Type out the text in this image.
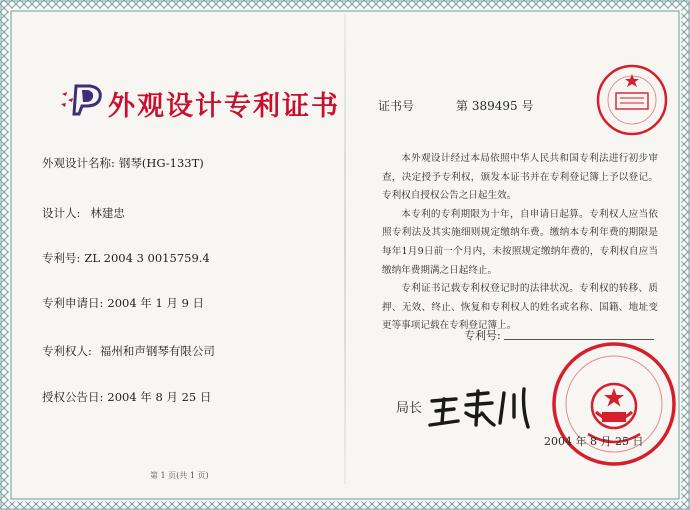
外观设计专利证书
外观设计名称: 钢琴(HG-133T)
设计人: 林建忠
专利号: ZL 2004 3 0015759.4
专利申请日: 2004 年 1 月 9 日
专利权人: 福州和声钢琴有限公司
授权公告日: 2004 年 8 月 25 日
证书号	第 389495 号

本外观设计经过本局依照中华人民共和国专利法进行初步审查，决定授予专利权，颁发本证书并在专利登记簿上予以登记。专利权自授权公告之日起生效。

本专利的专利期限为十年，自申请日起算。专利权人应当依照专利法及其实施细则规定缴纳年费。缴纳本专利年费的期限是每年1月9日前一个月内，未按照规定缴纳年费的，专利权自应当缴纳年费期满之日起终止。

专利证书记载专利权登记时的法律状况。专利权的转移、质押、无效、终止、恢复和专利权人的姓名或名称、国籍、地址变更等事项记载在专利登记簿上。

专利号:
局长
2004 年 8 月 25 日
第 1 页(共 1 页)
